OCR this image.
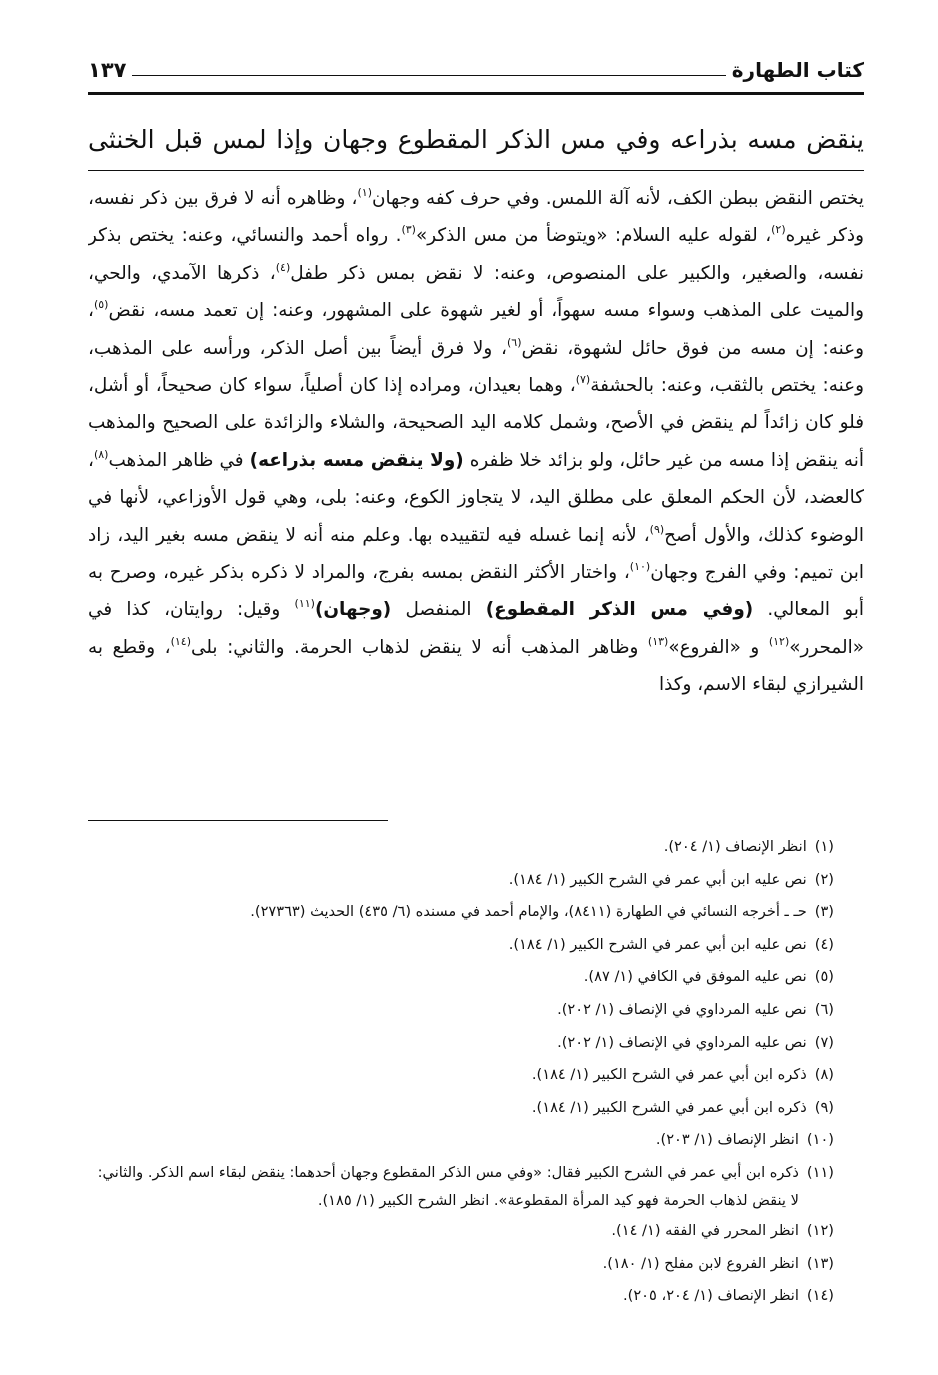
كتاب الطهارة
١٣٧
ينقض مسه بذراعه وفي مس الذكر المقطوع وجهان وإذا لمس قبل الخنثى

يختص النقض ببطن الكف، لأنه آلة اللمس. وفي حرف كفه وجهان$^{(١)}$، وظاهره أنه لا فرق بين ذكر نفسه، وذكر غيره$^{(٢)}$، لقوله عليه السلام: «ويتوضأ من مس الذكر»$^{(٣)}$. رواه أحمد والنسائي، وعنه: يختص بذكر نفسه، والصغير، والكبير على المنصوص، وعنه: لا نقض بمس ذكر طفل$^{(٤)}$، ذكرها الآمدي، والحي، والميت على المذهب وسواء مسه سهواً، أو لغير شهوة على المشهور، وعنه: إن تعمد مسه، نقض$^{(٥)}$، وعنه: إن مسه من فوق حائل لشهوة، نقض$^{(٦)}$، ولا فرق أيضاً بين أصل الذكر، ورأسه على المذهب، وعنه: يختص بالثقب، وعنه: بالحشفة$^{(٧)}$، وهما بعيدان، ومراده إذا كان أصلياً، سواء كان صحيحاً، أو أشل، فلو كان زائداً لم ينقض في الأصح، وشمل كلامه اليد الصحيحة، والشلاء والزائدة على الصحيح والمذهب أنه ينقض إذا مسه من غير حائل، ولو بزائد خلا ظفره (ولا ينقض مسه بذراعه) في ظاهر المذهب$^{(٨)}$، كالعضد، لأن الحكم المعلق على مطلق اليد، لا يتجاوز الكوع، وعنه: بلى، وهي قول الأوزاعي، لأنها في الوضوء كذلك، والأول أصح$^{(٩)}$، لأنه إنما غسله فيه لتقييده بها. وعلم منه أنه لا ينقض مسه بغير اليد، زاد ابن تميم: وفي الفرج وجهان$^{(١٠)}$، واختار الأكثر النقض بمسه بفرج، والمراد لا ذكره بذكر غيره، وصرح به أبو المعالي. (وفي مس الذكر المقطوع) المنفصل (وجهان)$^{(١١)}$ وقيل: روايتان، كذا في «المحرر»$^{(١٢)}$ و «الفروع»$^{(١٣)}$ وظاهر المذهب أنه لا ينقض لذهاب الحرمة. والثاني: بلى$^{(١٤)}$، وقطع به الشيرازي لبقاء الاسم، وكذا

(١)
انظر الإنصاف (١/ ٢٠٤).
(٢)
نص عليه ابن أبي عمر في الشرح الكبير (١/ ١٨٤).
(٣)
حـ ـ أخرجه النسائي في الطهارة (٨٤١١)، والإمام أحمد في مسنده (٦/ ٤٣٥) الحديث (٢٧٣٦٣).
(٤)
نص عليه ابن أبي عمر في الشرح الكبير (١/ ١٨٤).
(٥)
نص عليه الموفق في الكافي (١/ ٨٧).
(٦)
نص عليه المرداوي في الإنصاف (١/ ٢٠٢).
(٧)
نص عليه المرداوي في الإنصاف (١/ ٢٠٢).
(٨)
ذكره ابن أبي عمر في الشرح الكبير (١/ ١٨٤).
(٩)
ذكره ابن أبي عمر في الشرح الكبير (١/ ١٨٤).
(١٠)
انظر الإنصاف (١/ ٢٠٣).
(١١)
ذكره ابن أبي عمر في الشرح الكبير فقال: «وفي مس الذكر المقطوع وجهان أحدهما: ينقض لبقاء اسم الذكر. والثاني: لا ينقض لذهاب الحرمة فهو كيد المرأة المقطوعة». انظر الشرح الكبير (١/ ١٨٥).
(١٢)
انظر المحرر في الفقه (١/ ١٤).
(١٣)
انظر الفروع لابن مفلح (١/ ١٨٠).
(١٤)
انظر الإنصاف (١/ ٢٠٤، ٢٠٥).
